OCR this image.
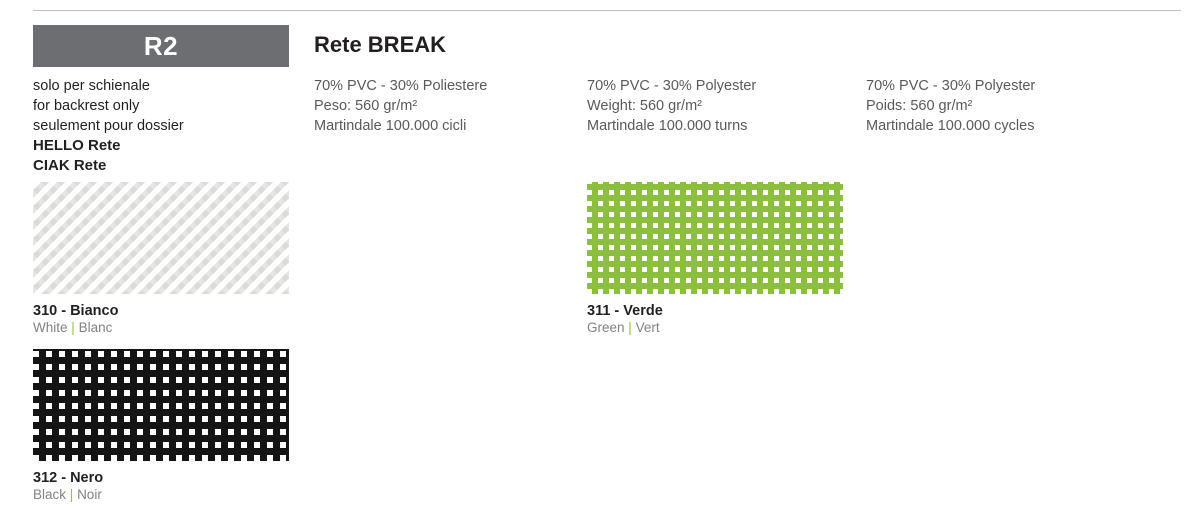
R2
solo per schienale
for backrest only
seulement pour dossier
HELLO Rete
CIAK Rete
Rete BREAK
70% PVC - 30% Poliestere
Peso: 560 gr/m²
Martindale 100.000 cicli
70% PVC - 30% Polyester
Weight: 560 gr/m²
Martindale 100.000 turns
70% PVC - 30% Polyester
Poids: 560 gr/m²
Martindale 100.000 cycles
310 - Bianco
White | Blanc
311 - Verde
Green | Vert
312 - Nero
Black | Noir
